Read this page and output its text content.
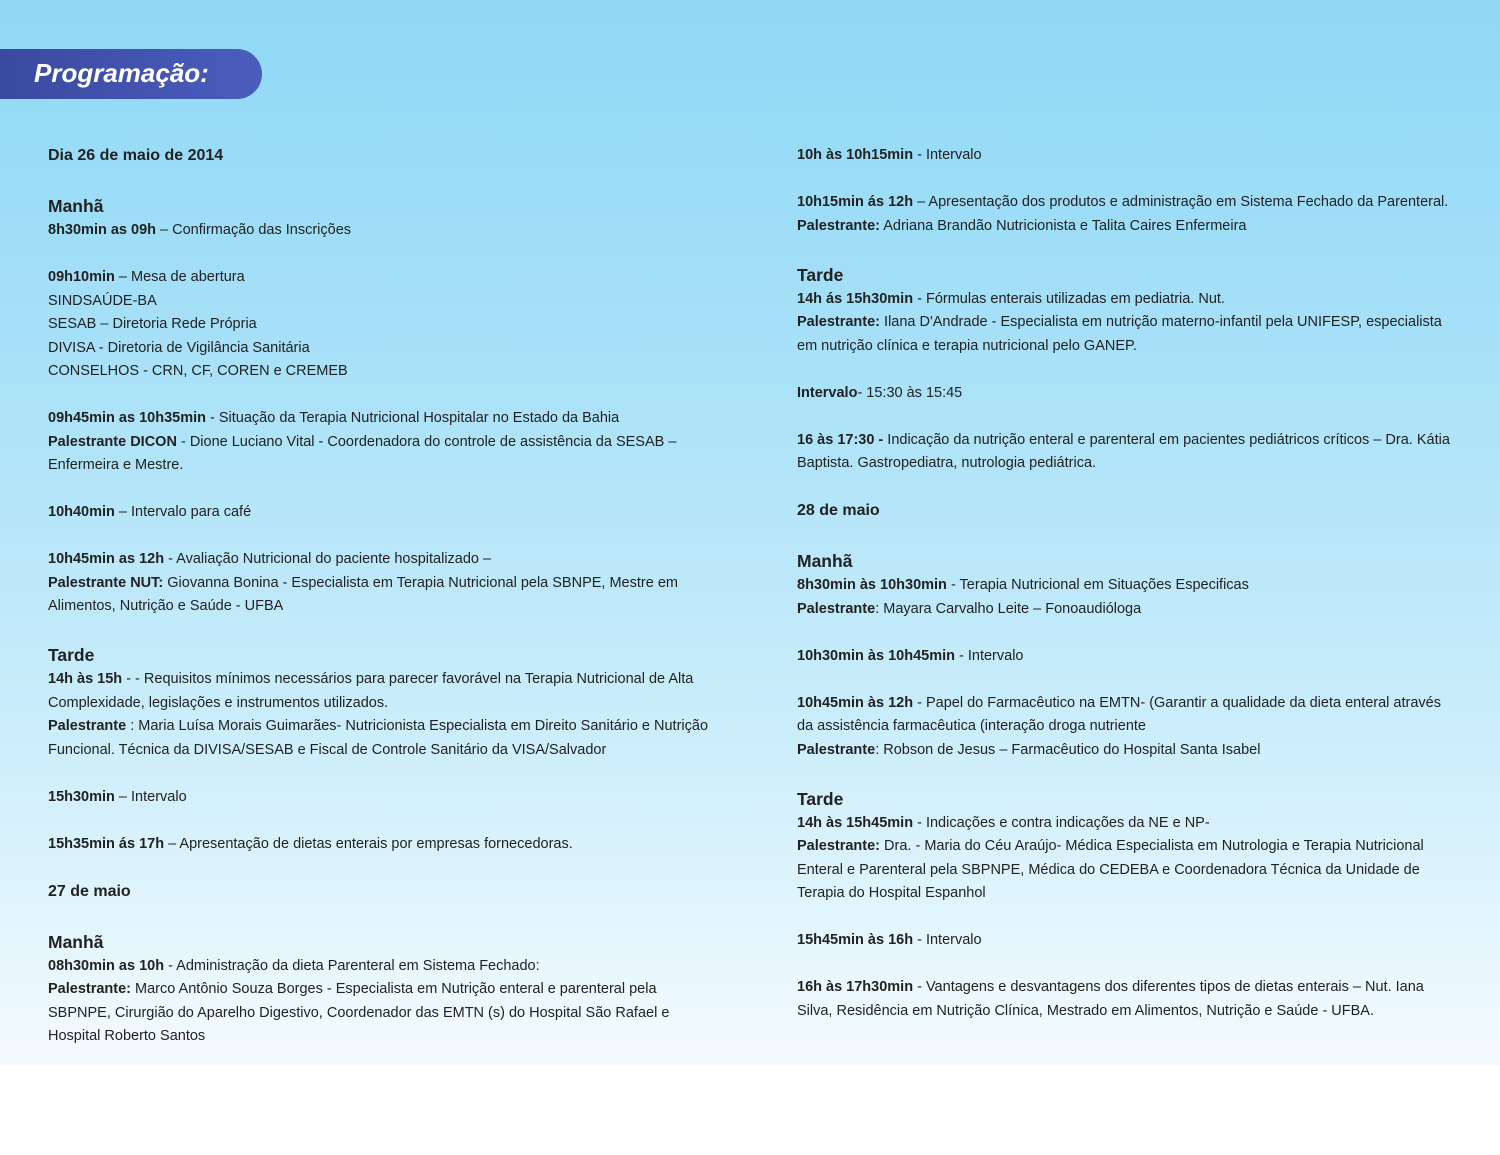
Programação:
Dia 26 de maio de 2014
Manhã
8h30min as 09h – Confirmação das Inscrições
09h10min – Mesa de abertura
SINDSAÚDE-BA
SESAB – Diretoria Rede Própria
DIVISA - Diretoria de Vigilância Sanitária
CONSELHOS - CRN, CF, COREN e CREMEB
09h45min as 10h35min - Situação da Terapia Nutricional Hospitalar no Estado da Bahia
Palestrante DICON - Dione Luciano Vital - Coordenadora do controle de assistência da SESAB – Enfermeira e Mestre.
10h40min – Intervalo para café
10h45min as 12h - Avaliação Nutricional do paciente hospitalizado –
Palestrante NUT: Giovanna Bonina - Especialista em Terapia Nutricional pela SBNPE, Mestre em Alimentos, Nutrição e Saúde - UFBA
Tarde
14h às 15h - - Requisitos mínimos necessários para parecer favorável na Terapia Nutricional de Alta Complexidade, legislações e instrumentos utilizados.
Palestrante : Maria Luísa Morais Guimarães- Nutricionista Especialista em Direito Sanitário e Nutrição Funcional. Técnica da DIVISA/SESAB e Fiscal de Controle Sanitário da VISA/Salvador
15h30min – Intervalo
15h35min ás 17h – Apresentação de dietas enterais por empresas fornecedoras.
27 de maio
Manhã
08h30min as 10h - Administração da dieta Parenteral em Sistema Fechado:
Palestrante: Marco Antônio Souza Borges - Especialista em Nutrição enteral e parenteral pela SBPNPE, Cirurgião do Aparelho Digestivo, Coordenador das EMTN (s) do Hospital São Rafael e Hospital Roberto Santos
10h às 10h15min - Intervalo
10h15min ás 12h – Apresentação dos produtos e administração em Sistema Fechado da Parenteral.
Palestrante: Adriana Brandão Nutricionista e Talita Caires Enfermeira
Tarde
14h ás 15h30min - Fórmulas enterais utilizadas em pediatria. Nut.
Palestrante: Ilana D'Andrade - Especialista em nutrição materno-infantil pela UNIFESP, especialista em nutrição clínica e terapia nutricional pelo GANEP.
Intervalo- 15:30 às 15:45
16 às 17:30 - Indicação da nutrição enteral e parenteral em pacientes pediátricos críticos – Dra. Kátia Baptista. Gastropediatra, nutrologia pediátrica.
28 de maio
Manhã
8h30min às 10h30min - Terapia Nutricional em Situações Especificas
Palestrante: Mayara Carvalho Leite – Fonoaudióloga
10h30min às 10h45min - Intervalo
10h45min às 12h - Papel do Farmacêutico na EMTN- (Garantir a qualidade da dieta enteral através da assistência farmacêutica (interação droga nutriente
Palestrante: Robson de Jesus – Farmacêutico do Hospital Santa Isabel
Tarde
14h às 15h45min - Indicações e contra indicações da NE e NP-
Palestrante: Dra. - Maria do Céu Araújo- Médica Especialista em Nutrologia e Terapia Nutricional Enteral e Parenteral pela SBPNPE, Médica do CEDEBA e Coordenadora Técnica da Unidade de Terapia do Hospital Espanhol
15h45min às 16h - Intervalo
16h às 17h30min - Vantagens e desvantagens dos diferentes tipos de dietas enterais – Nut. Iana Silva, Residência em Nutrição Clínica, Mestrado em Alimentos, Nutrição e Saúde - UFBA.
